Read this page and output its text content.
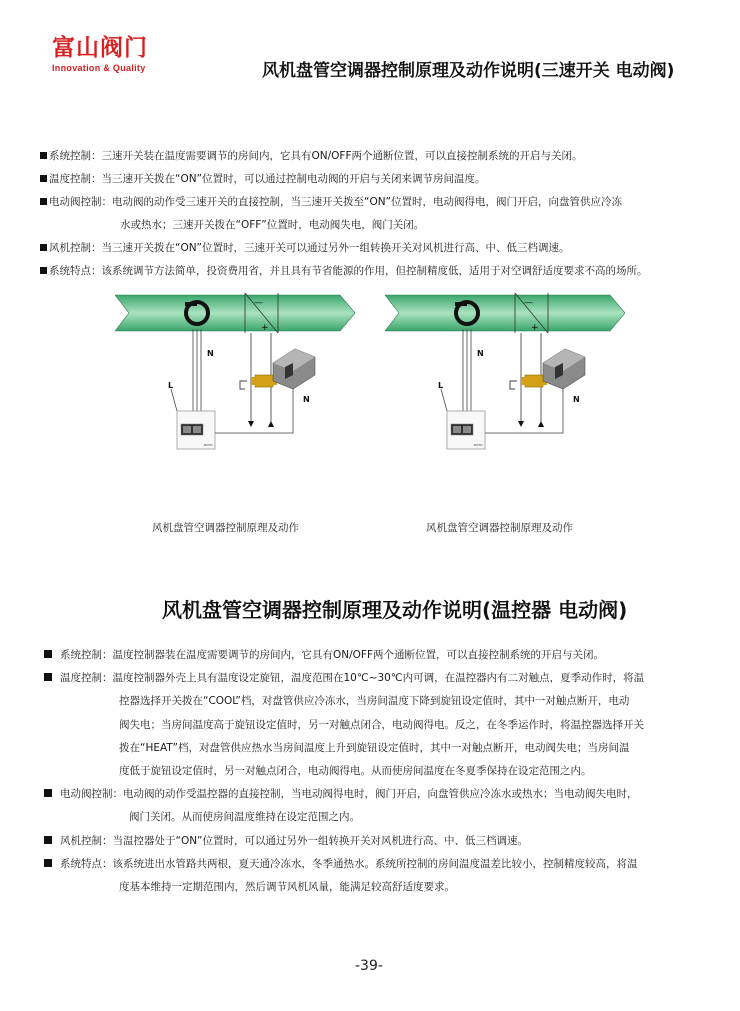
富山阀门
Innovation & Quality	风机盘管空调器控制原理及动作说明(三速开关 电动阀)
系统控制：三速开关装在温度需要调节的房间内，它具有ON/OFF两个通断位置，可以直接控制系统的开启与关闭。
温度控制：当三速开关拨在“ON”位置时，可以通过控制电动阀的开启与关闭来调节房间温度。
电动阀控制：电动阀的动作受三速开关的直接控制，当三速开关拨至“ON”位置时，电动阀得电，阀门开启，向盘管供应冷冻
水或热水；三速开关拨在“OFF”位置时，电动阀失电，阀门关闭。
风机控制：当三速开关拨在“ON”位置时，三速开关可以通过另外一组转换开关对风机进行高、中、低三档调速。
系统特点：该系统调节方法简单，投资费用省，并且具有节省能源的作用，但控制精度低，适用于对空调舒适度要求不高的场所。
—
+
N
L
ROTO
N
—
+
N
L
ROTO
N
风机盘管空调器控制原理及动作	风机盘管空调器控制原理及动作
风机盘管空调器控制原理及动作说明(温控器 电动阀)
系统控制：温度控制器装在温度需要调节的房间内，它具有ON/OFF两个通断位置，可以直接控制系统的开启与关闭。
温度控制：温度控制器外壳上具有温度设定旋钮，温度范围在10℃~30℃内可调，在温控器内有二对触点，夏季动作时，将温
控器选择开关拨在“COOL”档，对盘管供应冷冻水，当房间温度下降到旋钮设定值时，其中一对触点断开，电动
阀失电；当房间温度高于旋钮设定值时，另一对触点闭合，电动阀得电。反之，在冬季运作时，将温控器选择开关
拨在“HEAT”档，对盘管供应热水当房间温度上升到旋钮设定值时，其中一对触点断开，电动阀失电；当房间温
度低于旋钮设定值时，另一对触点闭合，电动阀得电。从而使房间温度在冬夏季保持在设定范围之内。
电动阀控制：电动阀的动作受温控器的直接控制，当电动阀得电时，阀门开启，向盘管供应冷冻水或热水；当电动阀失电时，
阀门关闭。从而使房间温度维持在设定范围之内。
风机控制：当温控器处于“ON”位置时，可以通过另外一组转换开关对风机进行高、中、低三档调速。
系统特点：该系统进出水管路共两根，夏天通冷冻水，冬季通热水。系统所控制的房间温度温差比较小，控制精度较高，将温
度基本维持一定期范围内，然后调节风机风量，能满足较高舒适度要求。
-39-
